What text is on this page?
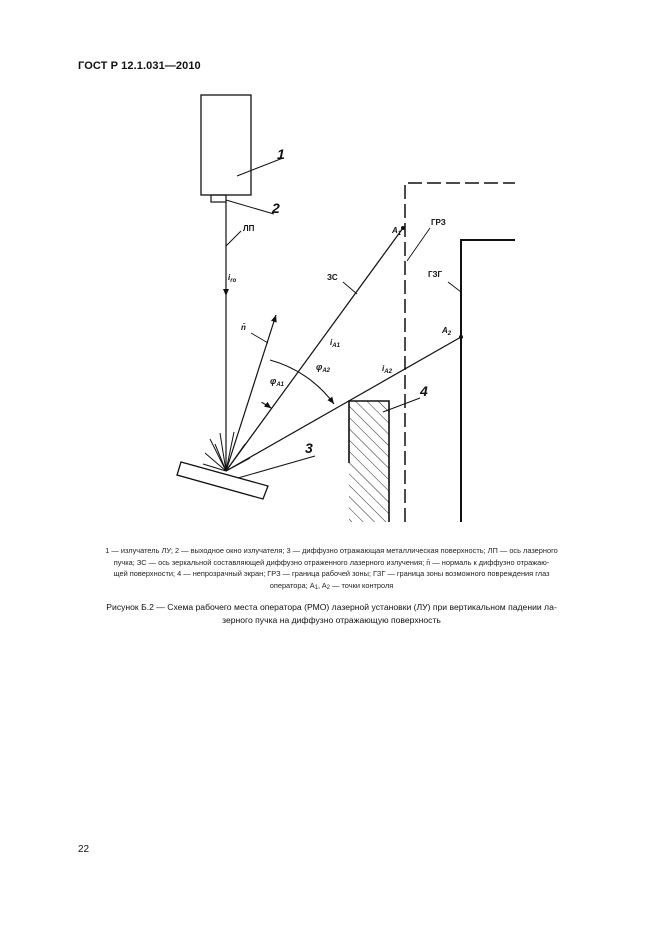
ГОСТ Р 12.1.031—2010
1
2
3
4
ЛП
ЗС
ГРЗ
ГЗГ
$A_1$
$A_2$
n̄
$i_{ro}$
$i_{A1}$
$i_{A2}$
$\varphi_{A1}$
$\varphi_{A2}$
1 — излучатель ЛУ; 2 — выходное окно излучателя; 3 — диффузно отражающая металлическая поверхность; ЛП — ось лазерного
пучка; ЗС — ось зеркальной составляющей диффузно отраженного лазерного излучения; n̄ — нормаль к диффузно отражаю-
щей поверхности; 4 — непрозрачный экран; ГРЗ — граница рабочей зоны; ГЗГ — граница зоны возможного повреждения глаз
оператора; $A_1$, $A_2$ — точки контроля
Рисунок Б.2 — Схема рабочего места оператора (РМО) лазерной установки (ЛУ) при вертикальном падении ла-
зерного пучка на диффузно отражающую поверхность
22
